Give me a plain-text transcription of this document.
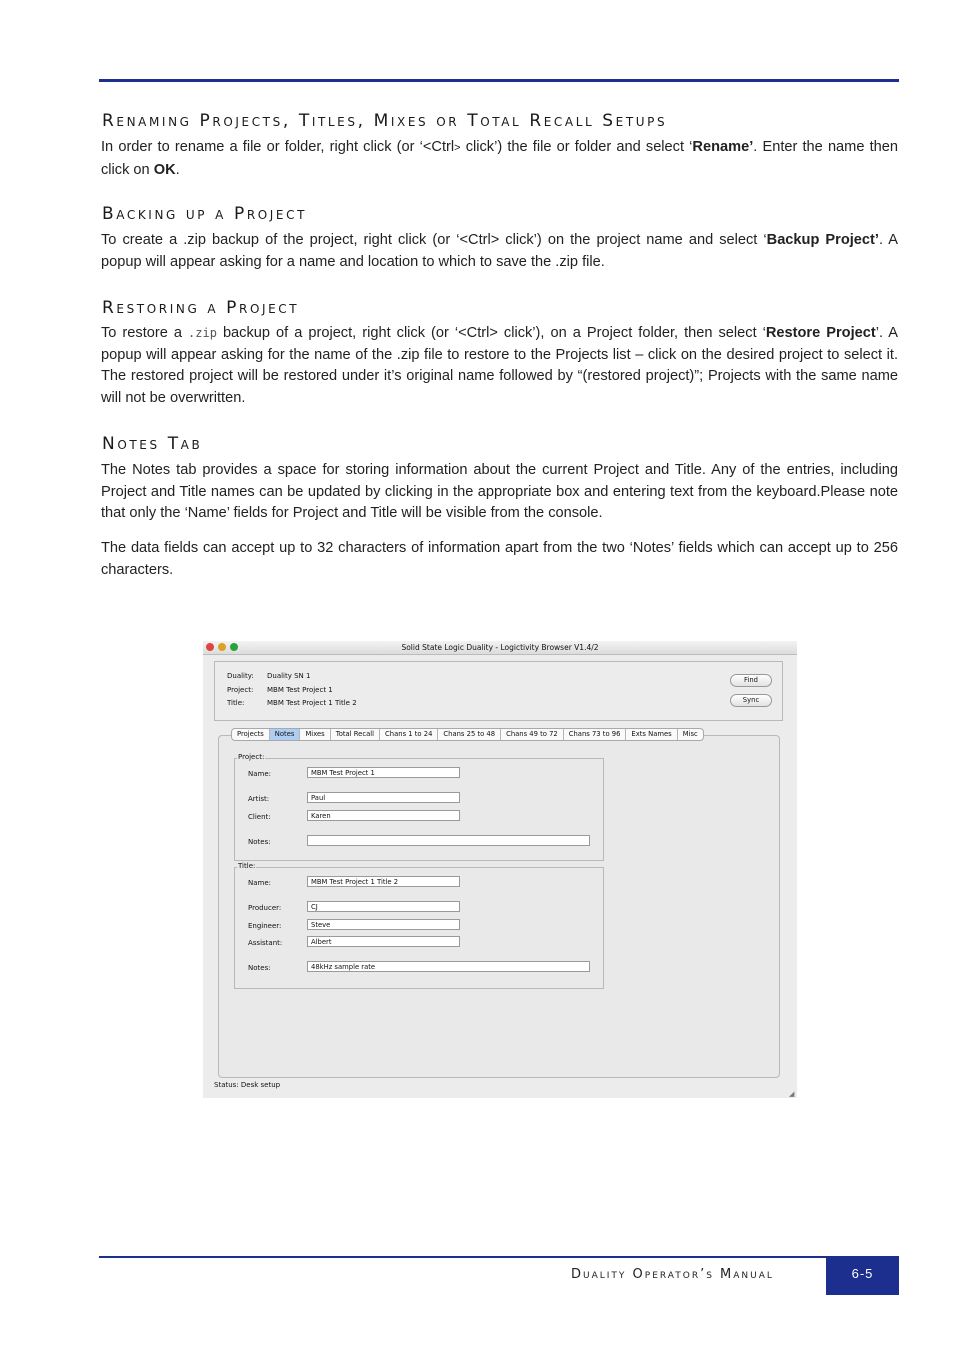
Renaming Projects, Titles, Mixes or Total Recall Setups
In order to rename a file or folder, right click (or ‘<Ctrl> click’) the file or folder and select ‘Rename’. Enter the name then click on OK.
Backing up a Project
To create a .zip backup of the project, right click (or ‘<Ctrl> click’) on the project name and select ‘Backup Project’. A popup will appear asking for a name and location to which to save the .zip file.
Restoring a Project
To restore a .zip backup of a project, right click (or ‘<Ctrl> click’), on a Project folder, then select ‘Restore Project’. A popup will appear asking for the name of the .zip file to restore to the Projects list – click on the desired project to select it. The restored project will be restored under it’s original name followed by “(restored project)”; Projects with the same name will not be overwritten.
Notes Tab
The Notes tab provides a space for storing information about the current Project and Title. Any of the entries, including Project and Title names can be updated by clicking in the appropriate box and entering text from the keyboard.Please note that only the ‘Name’ fields for Project and Title will be visible from the console.
The data fields can accept up to 32 characters of information apart from the two ‘Notes’ fields which can accept up to 256 characters.
Solid State Logic Duality - Logictivity Browser V1.4/2
Duality: Duality SN 1
Project: MBM Test Project 1
Title:	MBM Test Project 1 Title 2
Find
Sync
Projects	Notes	Mixes	Total Recall	Chans 1 to 24	Chans 25 to 48	Chans 49 to 72	Chans 73 to 96	Exts Names	Misc
Project:
Name:	MBM Test Project 1
Artist:	Paul
Client:	Karen
Notes:
Title:
Name:	MBM Test Project 1 Title 2
Producer:	CJ
Engineer:	Steve
Assistant:	Albert
Notes:	48kHz sample rate
Status: Desk setup
◢
Duality Operator’s Manual	6-5
